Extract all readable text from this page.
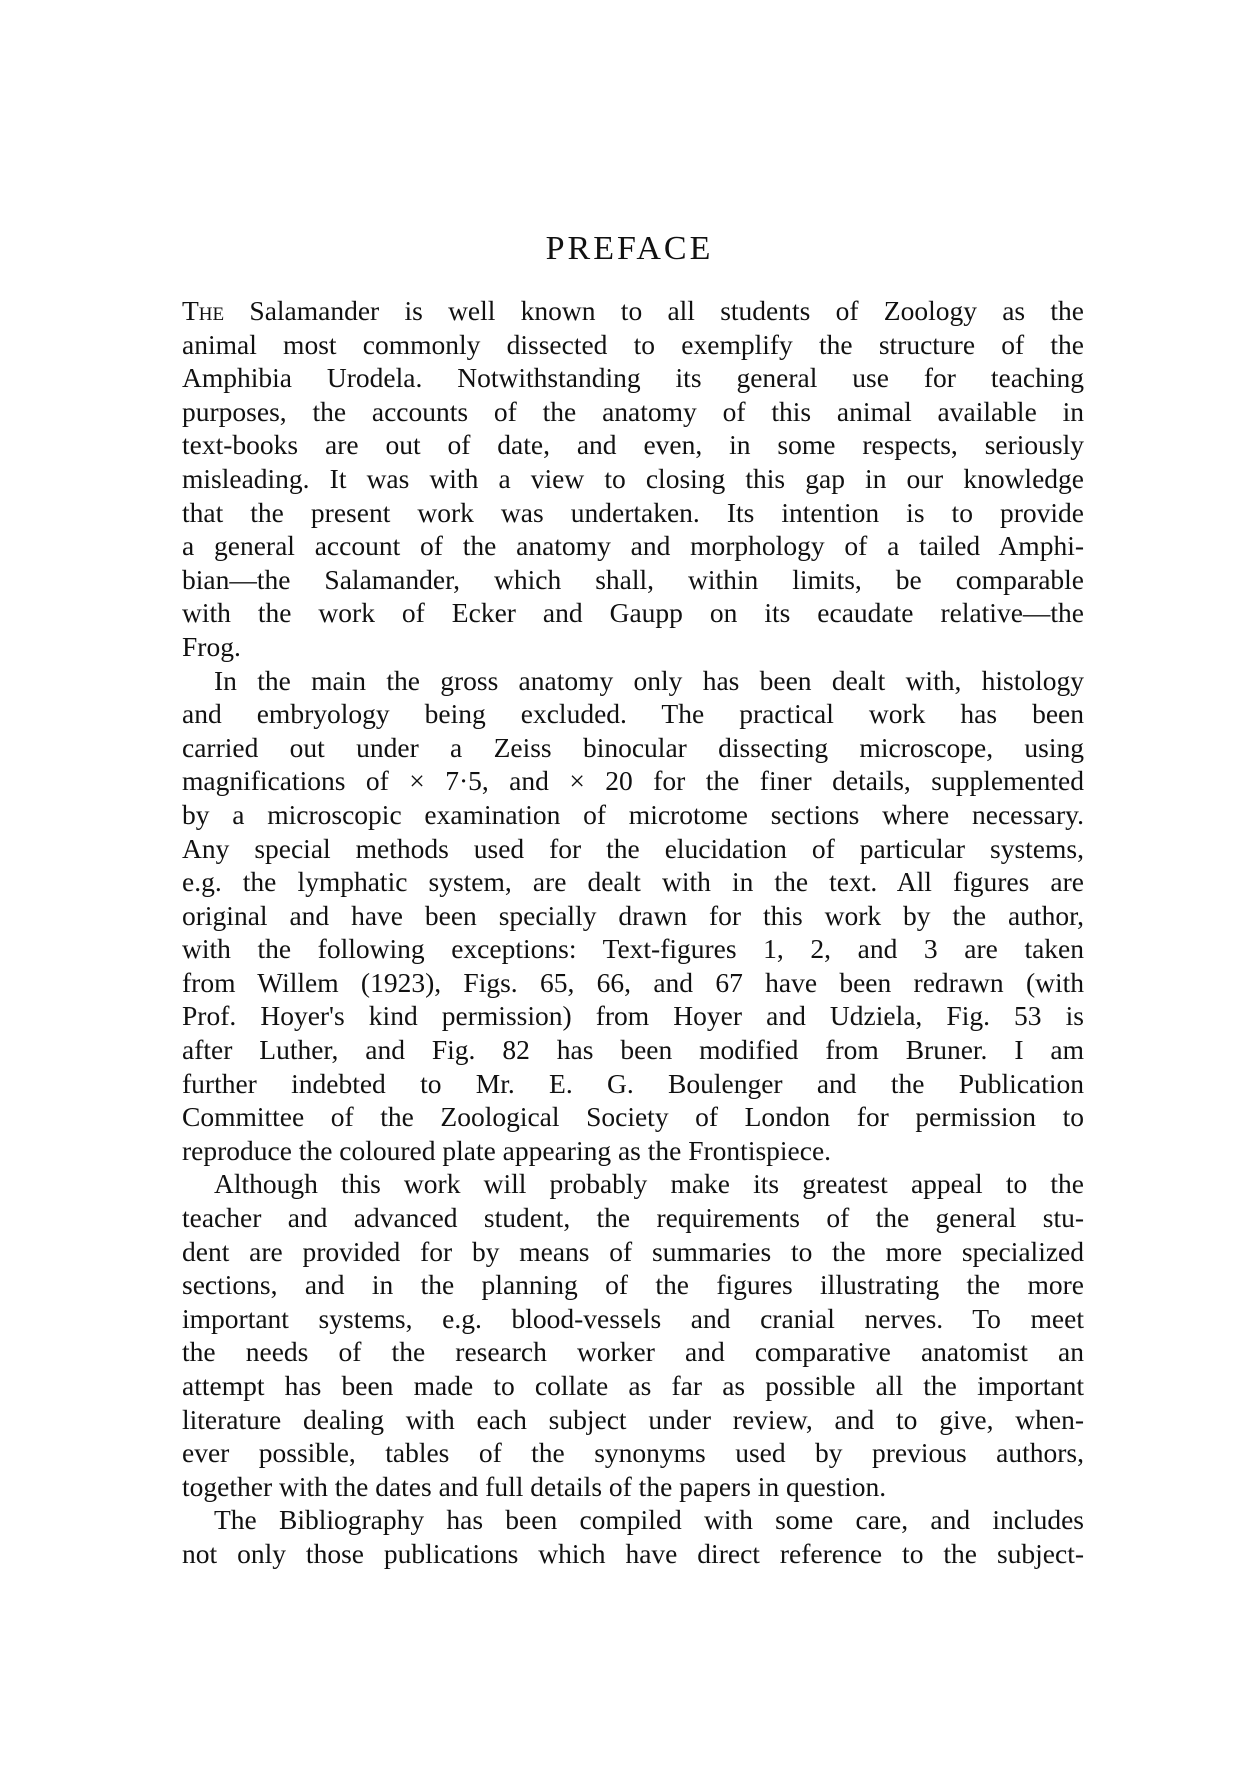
PREFACE
The Salamander is well known to all students of Zoology as the
animal most commonly dissected to exemplify the structure of the
Amphibia Urodela. Notwithstanding its general use for teaching
purposes, the accounts of the anatomy of this animal available in
text-books are out of date, and even, in some respects, seriously
misleading. It was with a view to closing this gap in our knowledge
that the present work was undertaken. Its intention is to provide
a general account of the anatomy and morphology of a tailed Amphi-
bian—the Salamander, which shall, within limits, be comparable
with the work of Ecker and Gaupp on its ecaudate relative—the
Frog.
In the main the gross anatomy only has been dealt with, histology
and embryology being excluded. The practical work has been
carried out under a Zeiss binocular dissecting microscope, using
magnifications of × 7·5, and × 20 for the finer details, supplemented
by a microscopic examination of microtome sections where necessary.
Any special methods used for the elucidation of particular systems,
e.g. the lymphatic system, are dealt with in the text. All figures are
original and have been specially drawn for this work by the author,
with the following exceptions: Text-figures 1, 2, and 3 are taken
from Willem (1923), Figs. 65, 66, and 67 have been redrawn (with
Prof. Hoyer's kind permission) from Hoyer and Udziela, Fig. 53 is
after Luther, and Fig. 82 has been modified from Bruner. I am
further indebted to Mr. E. G. Boulenger and the Publication
Committee of the Zoological Society of London for permission to
reproduce the coloured plate appearing as the Frontispiece.
Although this work will probably make its greatest appeal to the
teacher and advanced student, the requirements of the general stu-
dent are provided for by means of summaries to the more specialized
sections, and in the planning of the figures illustrating the more
important systems, e.g. blood-vessels and cranial nerves. To meet
the needs of the research worker and comparative anatomist an
attempt has been made to collate as far as possible all the important
literature dealing with each subject under review, and to give, when-
ever possible, tables of the synonyms used by previous authors,
together with the dates and full details of the papers in question.
The Bibliography has been compiled with some care, and includes
not only those publications which have direct reference to the subject-
